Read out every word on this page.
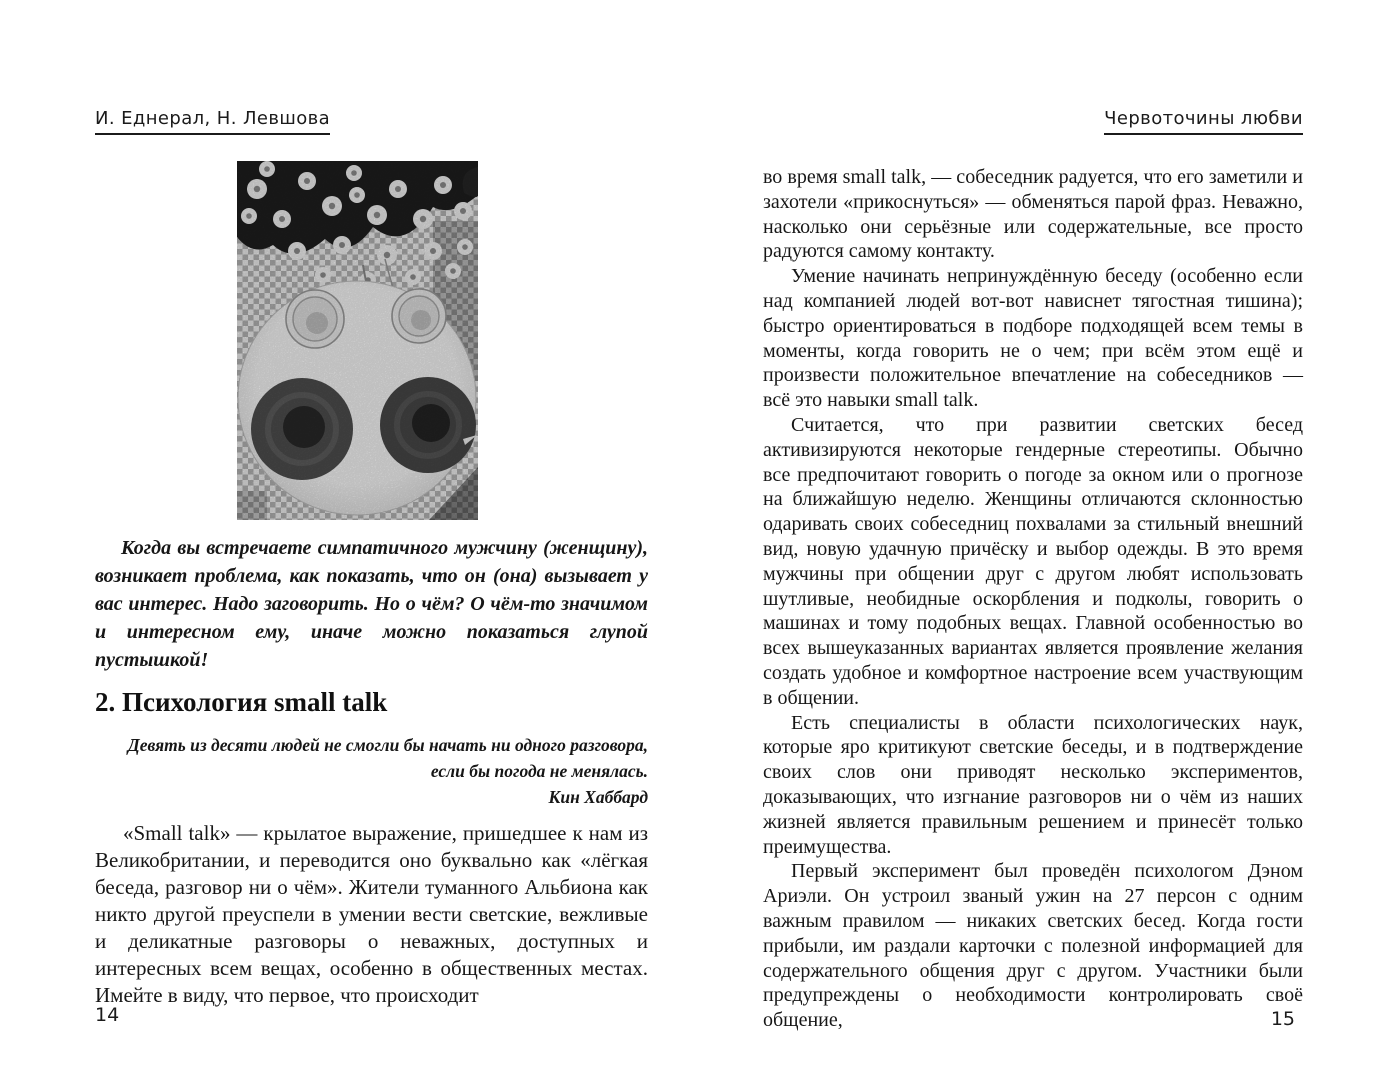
И. Еднерал, Н. Левшова

Когда вы встречаете симпатичного мужчину (женщину), возникает проблема, как показать, что он (она) вызывает у вас интерес. Надо заговорить. Но о чём? О чём-то значимом и интересном ему, иначе можно показаться глупой пустышкой!

2. Психология small talk
Девять из десяти людей не смогли бы начать ни одного разговора,
если бы погода не менялась.
Кин Хаббард

«Small talk» — крылатое выражение, пришедшее к нам из Великобритании, и переводится оно буквально как «лёгкая беседа, разговор ни о чём». Жители туманного Альбиона как никто другой преуспели в умении вести светские, вежливые и деликатные разговоры о неважных, доступных и интересных всем вещах, особенно в общественных местах. Имейте в виду, что первое, что происходит

Червоточины любви

во время small talk, — собеседник радуется, что его заметили и захотели «прикоснуться» — обменяться парой фраз. Неважно, насколько они серьёзные или содержательные, все просто радуются самому контакту.

Умение начинать непринуждённую беседу (особенно если над компанией людей вот-вот нависнет тягостная тишина); быстро ориентироваться в подборе подходящей всем темы в моменты, когда говорить не о чем; при всём этом ещё и произвести положительное впечатление на собеседников — всё это навыки small talk.

Считается, что при развитии светских бесед активизируются некоторые гендерные стереотипы. Обычно все предпочитают говорить о погоде за окном или о прогнозе на ближайшую неделю. Женщины отличаются склонностью одаривать своих собеседниц похвалами за стильный внешний вид, новую удачную причёску и выбор одежды. В это время мужчины при общении друг с другом любят использовать шутливые, необидные оскорбления и подколы, говорить о машинах и тому подобных вещах. Главной особенностью во всех вышеуказанных вариантах является проявление желания создать удобное и комфортное настроение всем участвующим в общении.

Есть специалисты в области психологических наук, которые яро критикуют светские беседы, и в подтверждение своих слов они приводят несколько экспериментов, доказывающих, что изгнание разговоров ни о чём из наших жизней является правильным решением и принесёт только преимущества.

Первый эксперимент был проведён психологом Дэном Ариэли. Он устроил званый ужин на 27 персон с одним важным правилом — никаких светских бесед. Когда гости прибыли, им раздали карточки с полезной информацией для содержательного общения друг с другом. Участники были предупреждены о необходимости контролировать своё общение,

14	15
